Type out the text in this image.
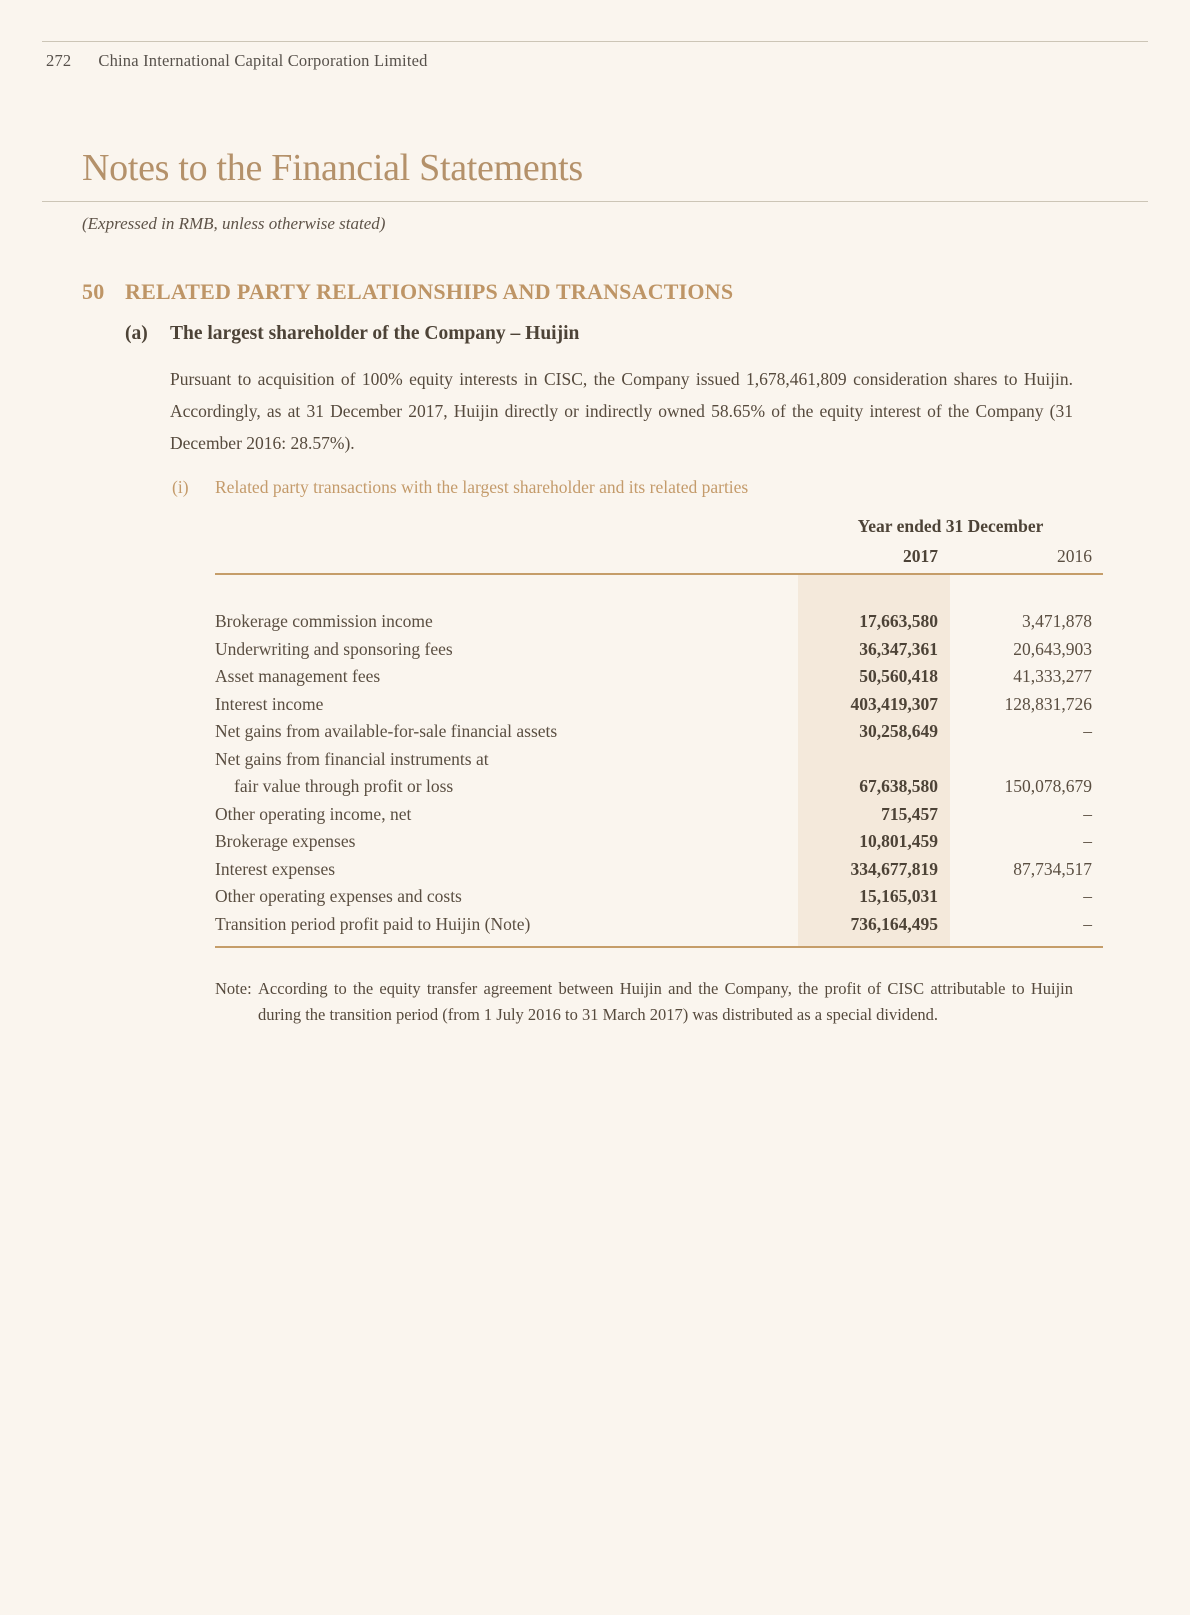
272 China International Capital Corporation Limited
Notes to the Financial Statements

(Expressed in RMB, unless otherwise stated)

50 RELATED PARTY RELATIONSHIPS AND TRANSACTIONS
(a)	The largest shareholder of the Company – Huijin

Pursuant to acquisition of 100% equity interests in CISC, the Company issued 1,678,461,809 consideration shares to Huijin. Accordingly, as at 31 December 2017, Huijin directly or indirectly owned 58.65% of the equity interest of the Company (31 December 2016: 28.57%).

(i)	Related party transactions with the largest shareholder and its related parties
Year ended 31 December
2017	2016
Brokerage commission income	17,663,580	3,471,878
Underwriting and sponsoring fees	36,347,361	20,643,903
Asset management fees	50,560,418	41,333,277
Interest income	403,419,307	128,831,726
Net gains from available-for-sale financial assets	30,258,649	–
Net gains from financial instruments at
fair value through profit or loss	67,638,580	150,078,679
Other operating income, net	715,457	–
Brokerage expenses	10,801,459	–
Interest expenses	334,677,819	87,734,517
Other operating expenses and costs	15,165,031	–
Transition period profit paid to Huijin (Note)	736,164,495	–
Note: According to the equity transfer agreement between Huijin and the Company, the profit of CISC attributable to Huijin during the transition period (from 1 July 2016 to 31 March 2017) was distributed as a special dividend.
